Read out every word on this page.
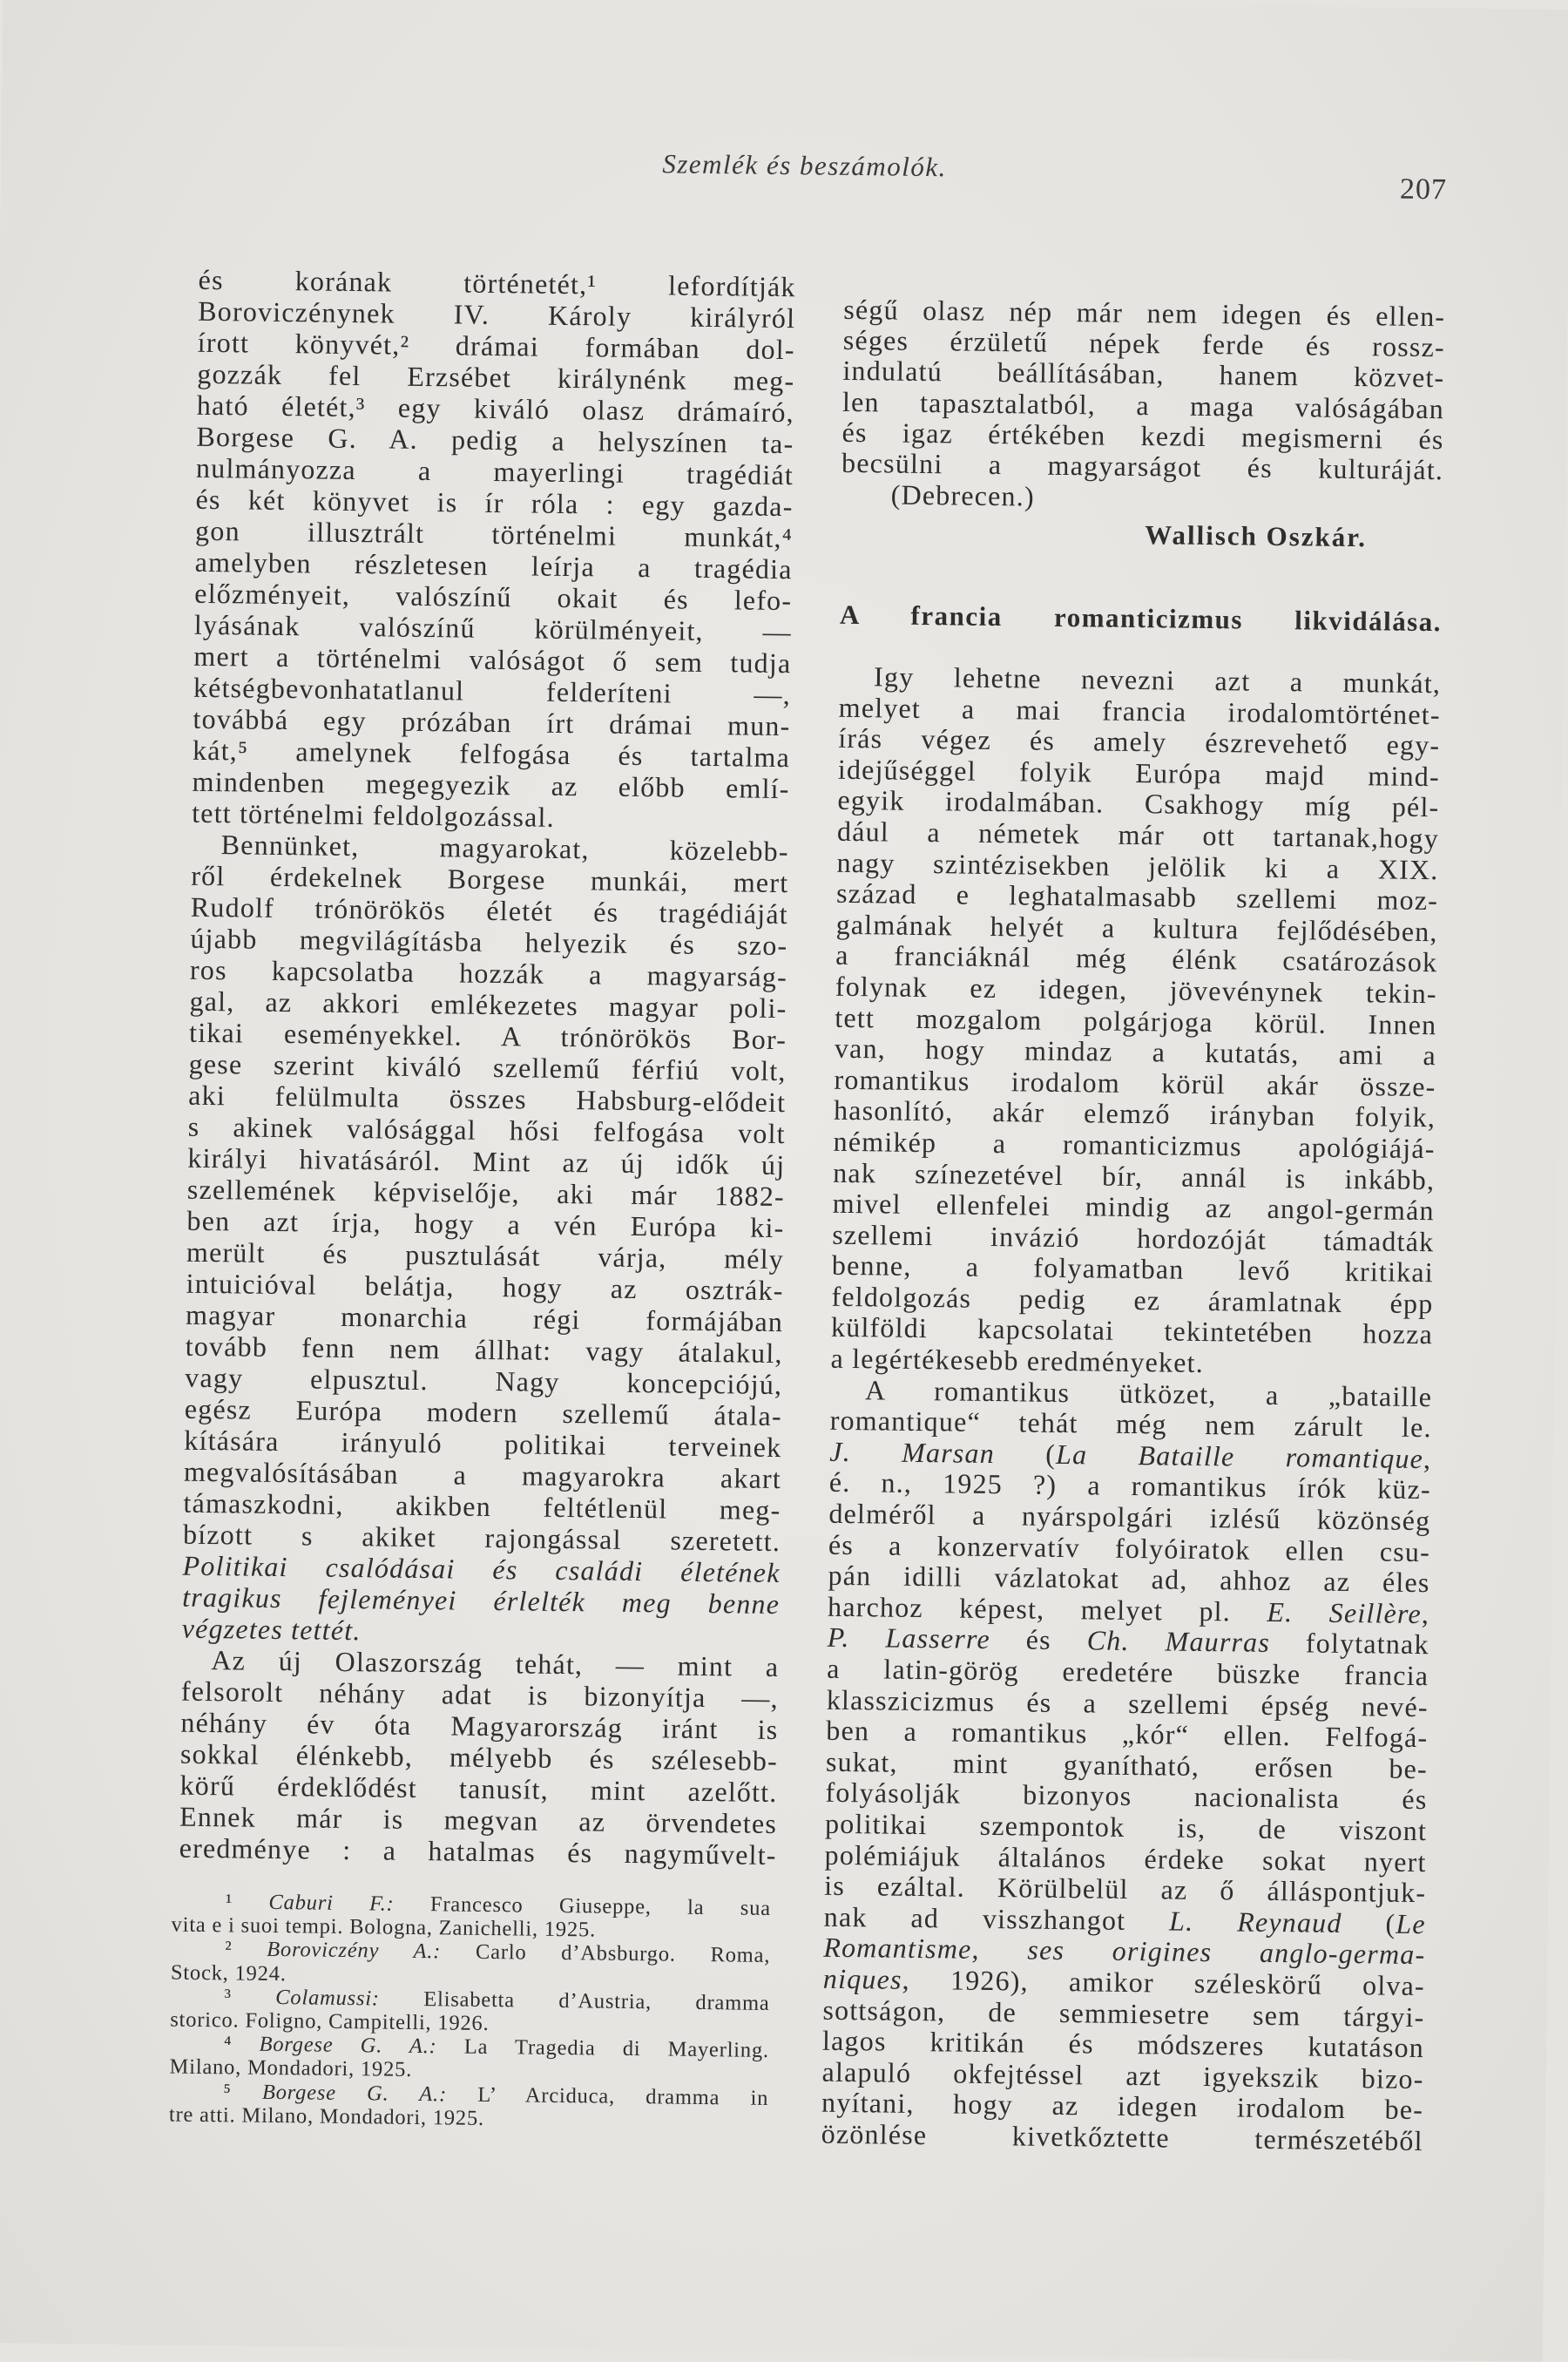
Szemlék és beszámolók.
207
és korának történetét,¹ lefordítják
Boroviczénynek IV. Károly királyról
írott könyvét,² drámai formában dol-
gozzák fel Erzsébet királynénk meg-
ható életét,³ egy kiváló olasz drámaíró,
Borgese G. A. pedig a helyszínen ta-
nulmányozza a mayerlingi tragédiát
és két könyvet is ír róla : egy gazda-
gon illusztrált történelmi munkát,⁴
amelyben részletesen leírja a tragédia
előzményeit, valószínű okait és lefo-
lyásának valószínű körülményeit, —
mert a történelmi valóságot ő sem tudja
kétségbevonhatatlanul felderíteni —,
továbbá egy prózában írt drámai mun-
kát,⁵ amelynek felfogása és tartalma
mindenben megegyezik az előbb emlí-
tett történelmi feldolgozással.
Bennünket, magyarokat, közelebb-
ről érdekelnek Borgese munkái, mert
Rudolf trónörökös életét és tragédiáját
újabb megvilágításba helyezik és szo-
ros kapcsolatba hozzák a magyarság-
gal, az akkori emlékezetes magyar poli-
tikai eseményekkel. A trónörökös Bor-
gese szerint kiváló szellemű férfiú volt,
aki felülmulta összes Habsburg-elődeit
s akinek valósággal hősi felfogása volt
királyi hivatásáról. Mint az új idők új
szellemének képviselője, aki már 1882-
ben azt írja, hogy a vén Európa ki-
merült és pusztulását várja, mély
intuicióval belátja, hogy az osztrák-
magyar monarchia régi formájában
tovább fenn nem állhat: vagy átalakul,
vagy elpusztul. Nagy koncepciójú,
egész Európa modern szellemű átala-
kítására irányuló politikai terveinek
megvalósításában a magyarokra akart
támaszkodni, akikben feltétlenül meg-
bízott s akiket rajongással szeretett.
Politikai csalódásai és családi életének
tragikus fejleményei érlelték meg benne
végzetes tettét.
Az új Olaszország tehát, — mint a
felsorolt néhány adat is bizonyítja —,
néhány év óta Magyarország iránt is
sokkal élénkebb, mélyebb és szélesebb-
körű érdeklődést tanusít, mint azelőtt.
Ennek már is megvan az örvendetes
eredménye : a hatalmas és nagyművelt-
¹ Caburi F.: Francesco Giuseppe, la sua
vita e i suoi tempi. Bologna, Zanichelli, 1925.
² Boroviczény A.: Carlo d’Absburgo. Roma,
Stock, 1924.
³ Colamussi: Elisabetta d’Austria, dramma
storico. Foligno, Campitelli, 1926.
⁴ Borgese G. A.: La Tragedia di Mayerling.
Milano, Mondadori, 1925.
⁵ Borgese G. A.: L’ Arciduca, dramma in
tre atti. Milano, Mondadori, 1925.
ségű olasz nép már nem idegen és ellen-
séges érzületű népek ferde és rossz-
indulatú beállításában, hanem közvet-
len tapasztalatból, a maga valóságában
és igaz értékében kezdi megismerni és
becsülni a magyarságot és kulturáját.
(Debrecen.)
Wallisch Oszkár.
A francia romanticizmus likvidálása.
Igy lehetne nevezni azt a munkát,
melyet a mai francia irodalomtörténet-
írás végez és amely észrevehető egy-
idejűséggel folyik Európa majd mind-
egyik irodalmában. Csakhogy míg pél-
dául a németek már ott tartanak,hogy
nagy szintézisekben jelölik ki a XIX.
század e leghatalmasabb szellemi moz-
galmának helyét a kultura fejlődésében,
a franciáknál még élénk csatározások
folynak ez idegen, jövevénynek tekin-
tett mozgalom polgárjoga körül. Innen
van, hogy mindaz a kutatás, ami a
romantikus irodalom körül akár össze-
hasonlító, akár elemző irányban folyik,
némikép a romanticizmus apológiájá-
nak színezetével bír, annál is inkább,
mivel ellenfelei mindig az angol-germán
szellemi invázió hordozóját támadták
benne, a folyamatban levő kritikai
feldolgozás pedig ez áramlatnak épp
külföldi kapcsolatai tekintetében hozza
a legértékesebb eredményeket.
A romantikus ütközet, a „bataille
romantique“ tehát még nem zárult le.
J. Marsan (La Bataille romantique,
é. n., 1925 ?) a romantikus írók küz-
delméről a nyárspolgári izlésű közönség
és a konzervatív folyóiratok ellen csu-
pán idilli vázlatokat ad, ahhoz az éles
harchoz képest, melyet pl. E. Seillère,
P. Lasserre és Ch. Maurras folytatnak
a latin-görög eredetére büszke francia
klasszicizmus és a szellemi épség nevé-
ben a romantikus „kór“ ellen. Felfogá-
sukat, mint gyanítható, erősen be-
folyásolják bizonyos nacionalista és
politikai szempontok is, de viszont
polémiájuk általános érdeke sokat nyert
is ezáltal. Körülbelül az ő álláspontjuk-
nak ad visszhangot L. Reynaud (Le
Romantisme, ses origines anglo-germa-
niques, 1926), amikor széleskörű olva-
sottságon, de semmiesetre sem tárgyi-
lagos kritikán és módszeres kutatáson
alapuló okfejtéssel azt igyekszik bizo-
nyítani, hogy az idegen irodalom be-
özönlése kivetkőztette természetéből
